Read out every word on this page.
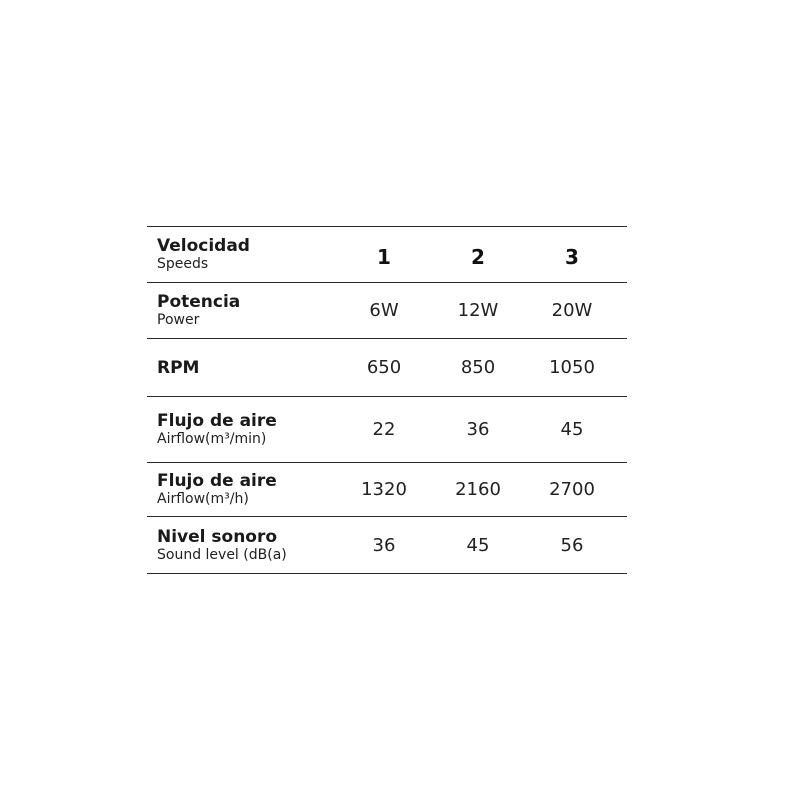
Velocidad
Speeds	1	2	3
Potencia
Power	6W	12W	20W
RPM	650	850	1050
Flujo de aire
Airflow(m³/min)	22	36	45
Flujo de aire
Airflow(m³/h)	1320	2160	2700
Nivel sonoro
Sound level (dB(a)	36	45	56
